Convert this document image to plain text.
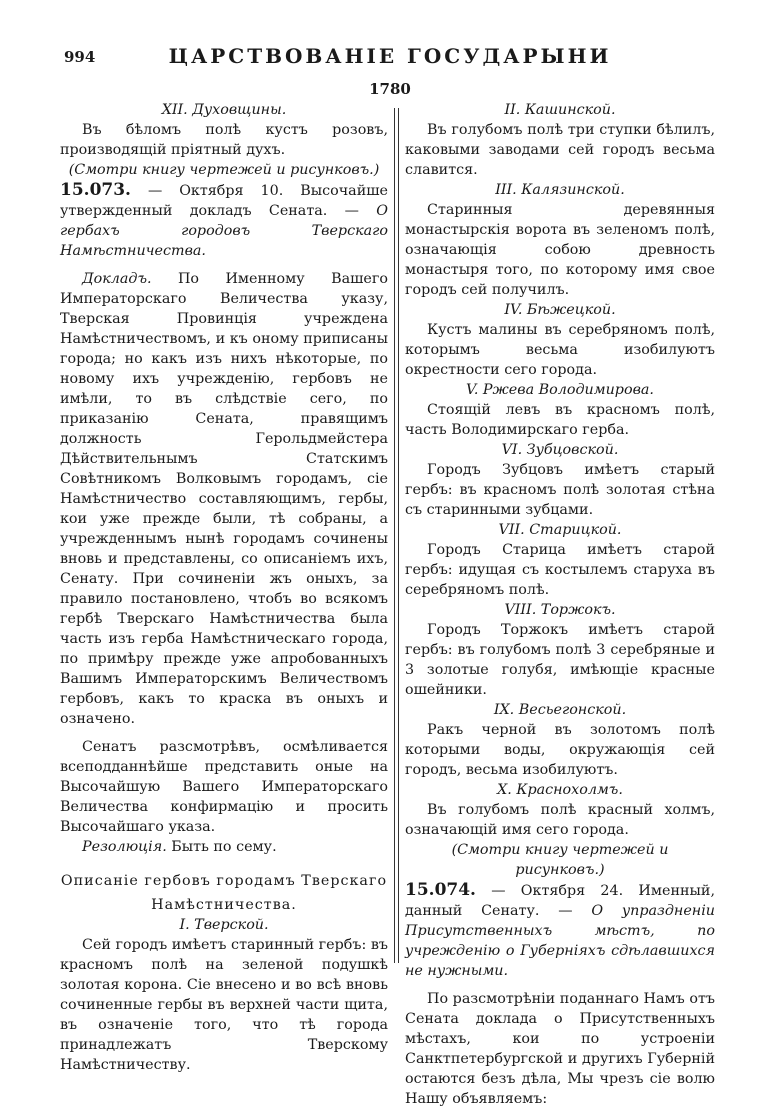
994	ЦАРСТВОВАНІЕ ГОСУДАРЫНИ
1780

XII. Духовщины.

Въ бѣломъ полѣ кустъ розовъ, производящій пріятный духъ.

(Смотри книгу чертежей и рисунковъ.)

15.073. — Октября 10. Высочайше утвержденный докладъ Сената. — О гербахъ городовъ Тверскаго Намѣстничества.

Докладъ. По Именному Вашего Императорскаго Величества указу, Тверская Провинція учреждена Намѣстничествомъ, и къ оному приписаны города; но какъ изъ нихъ нѣкоторые, по новому ихъ учрежденію, гербовъ не имѣли, то въ слѣдствіе сего, по приказанію Сената, правящимъ должность Герольдмейстера Дѣйствительнымъ Статскимъ Совѣтникомъ Волковымъ городамъ, сіе Намѣстничество составляющимъ, гербы, кои уже прежде были, тѣ собраны, а учрежденнымъ нынѣ городамъ сочинены вновь и представлены, со описаніемъ ихъ, Сенату. При сочиненіи жъ оныхъ, за правило постановлено, чтобъ во всякомъ гербѣ Тверскаго Намѣстничества была часть изъ герба Намѣстническаго города, по примѣру прежде уже апробованныхъ Вашимъ Императорскимъ Величествомъ гербовъ, какъ то краска въ оныхъ и означено.

Сенатъ разсмотрѣвъ, осмѣливается всеподданнѣйше представить оные на Высочайшую Вашего Императорскаго Величества конфирмацію и просить Высочайшаго указа.

Резолюція. Быть по сему.

Описаніе гербовъ городамъ Тверскаго

Намѣстничества.

I. Тверской.

Сей городъ имѣетъ старинный гербъ: въ красномъ полѣ на зеленой подушкѣ золотая корона. Сіе внесено и во всѣ вновь сочиненные гербы въ верхней части щита, въ означеніе того, что тѣ города принадлежатъ Тверскому Намѣстничеству.

II. Кашинской.

Въ голубомъ полѣ три ступки бѣлилъ, каковыми заводами сей городъ весьма славится.

III. Калязинской.

Старинныя деревянныя монастырскія ворота въ зеленомъ полѣ, означающія собою древность монастыря того, по которому имя свое городъ сей получилъ.

IV. Бѣжецкой.

Кустъ малины въ серебряномъ полѣ, которымъ весьма изобилуютъ окрестности сего города.

V. Ржева Володимирова.

Стоящій левъ въ красномъ полѣ, часть Володимирскаго герба.

VI. Зубцовской.

Городъ Зубцовъ имѣетъ старый гербъ: въ красномъ полѣ золотая стѣна съ старинными зубцами.

VII. Старицкой.

Городъ Старица имѣетъ старой гербъ: идущая съ костылемъ старуха въ серебряномъ полѣ.

VIII. Торжокъ.

Городъ Торжокъ имѣетъ старой гербъ: въ голубомъ полѣ 3 серебряные и 3 золотые голубя, имѣющіе красные ошейники.

IX. Весьегонской.

Ракъ черной въ золотомъ полѣ которыми воды, окружающія сей городъ, весьма изобилуютъ.

X. Краснохолмъ.

Въ голубомъ полѣ красный холмъ, означающій имя сего города.

(Смотри книгу чертежей и рисунковъ.)

15.074. — Октября 24. Именный, данный Сенату. — О упраздненіи Присутственныхъ мѣстъ, по учрежденію о Губерніяхъ сдѣлавшихся не нужными.

По разсмотрѣніи поданнаго Намъ отъ Сената доклада о Присутственныхъ мѣстахъ, кои по устроеніи Санктпетербургской и другихъ Губерній остаются безъ дѣла, Мы чрезъ сіе волю Нашу объявляемъ:
